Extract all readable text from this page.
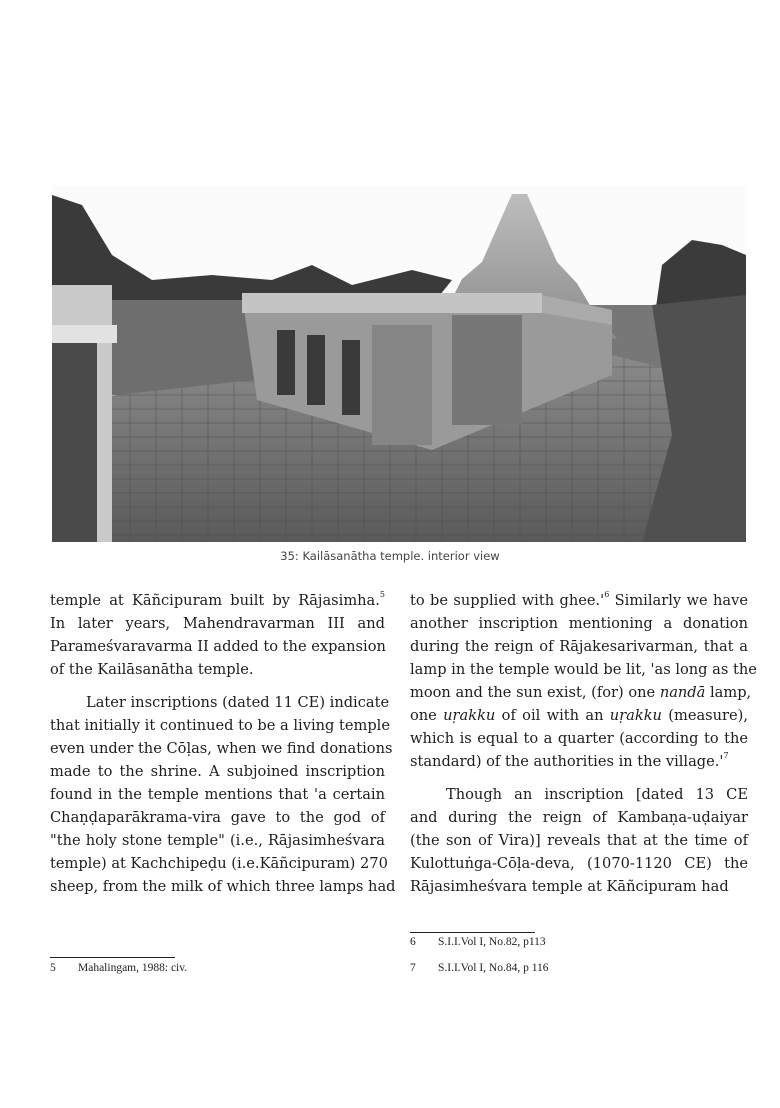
35: Kailāsanātha temple. interior view
temple at Kāñcipuram built by Rājasimha.$^5$
In later years, Mahendravarman III and
Parameśvaravarma II added to the expansion
of the Kailāsanātha temple.
Later inscriptions (dated 11 CE) indicate
that initially it continued to be a living temple
even under the Cōḷas, when we find donations
made to the shrine. A subjoined inscription
found in the temple mentions that 'a certain
Chaṇḍaparākrama-vira gave to the god of
"the holy stone temple" (i.e., Rājasimheśvara
temple) at Kachchipeḍu (i.e.Kāñcipuram) 270
sheep, from the milk of which three lamps had
to be supplied with $ghee.'^6$ Similarly we have
another inscription mentioning a donation
during the reign of Rājakesarivarman, that a
lamp in the temple would be lit, 'as long as the
moon and the sun exist, (for) one nandā lamp,
one uṛakku of oil with an uṛakku (measure),
which is equal to a quarter (according to the
standard) of the authorities in the $village.'^7$
Though an inscription [dated 13 CE
and during the reign of Kambaṇa-uḍaiyar
(the son of Vira)] reveals that at the time of
Kulottuṅga-Cōḷa-deva, (1070-1120 CE) the
Rājasimheśvara temple at Kāñcipuram had
5 Mahalingam, 1988: civ.
6 S.I.I.Vol I, No.82, p113
7 S.I.I.Vol I, No.84, p 116
